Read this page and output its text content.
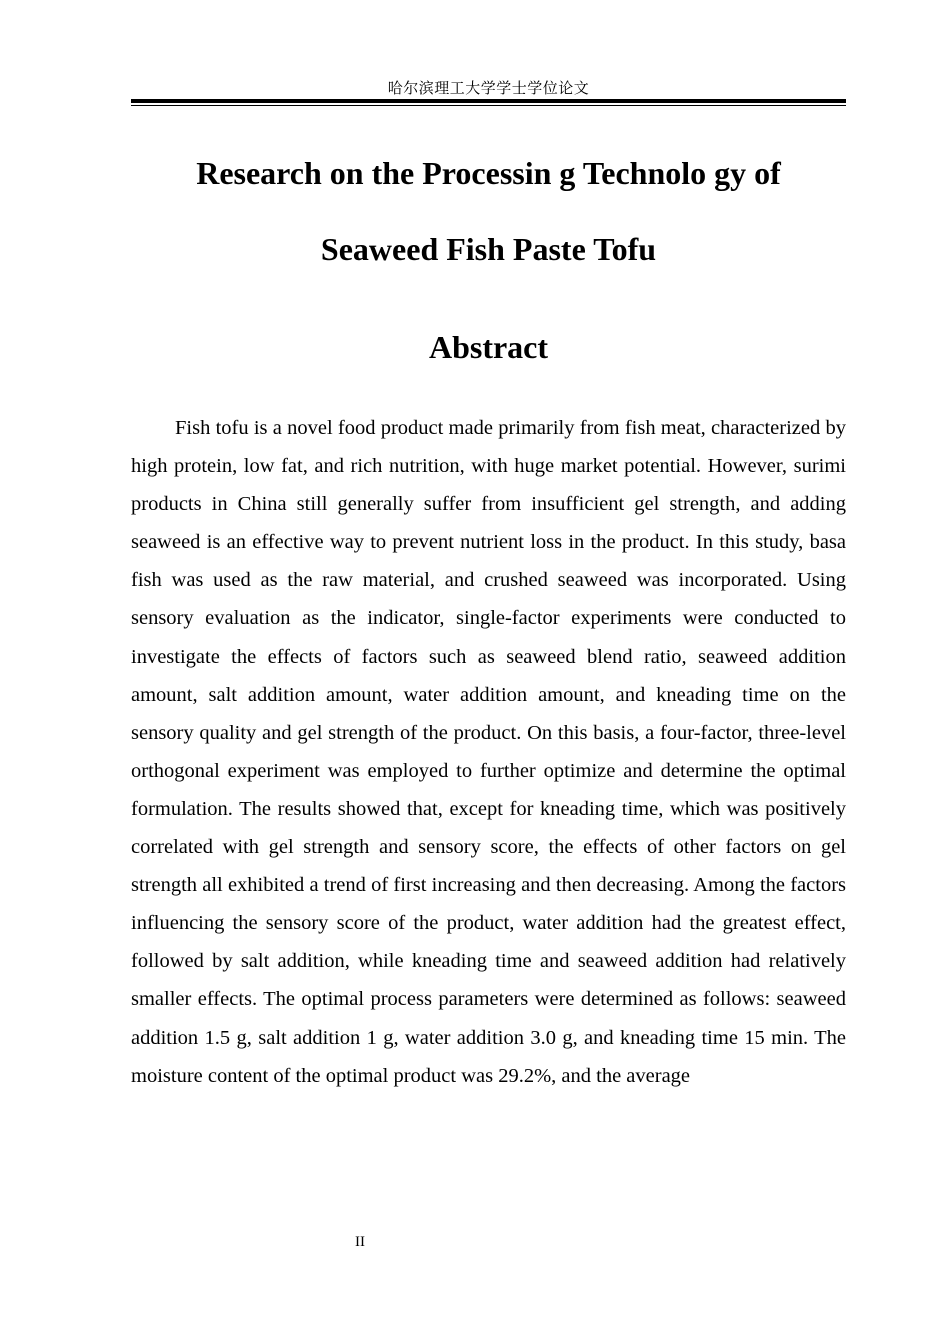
哈尔滨理工大学学士学位论文
Research on the Processin g Technolo gy of
Seaweed Fish Paste Tofu
Abstract

Fish tofu is a novel food product made primarily from fish meat, characterized by high protein, low fat, and rich nutrition, with huge market potential. However, surimi products in China still generally suffer from insufficient gel strength, and adding seaweed is an effective way to prevent nutrient loss in the product. In this study, basa fish was used as the raw material, and crushed seaweed was incorporated. Using sensory evaluation as the indicator, single-factor experiments were conducted to investigate the effects of factors such as seaweed blend ratio, seaweed addition amount, salt addition amount, water addition amount, and kneading time on the sensory quality and gel strength of the product. On this basis, a four-factor, three-level orthogonal experiment was employed to further optimize and determine the optimal formulation. The results showed that, except for kneading time, which was positively correlated with gel strength and sensory score, the effects of other factors on gel strength all exhibited a trend of first increasing and then decreasing. Among the factors influencing the sensory score of the product, water addition had the greatest effect, followed by salt addition, while kneading time and seaweed addition had relatively smaller effects. The optimal process parameters were determined as follows: seaweed addition 1.5 g, salt addition 1 g, water addition 3.0 g, and kneading time 15 min. The moisture content of the optimal product was 29.2%, and the average

II
